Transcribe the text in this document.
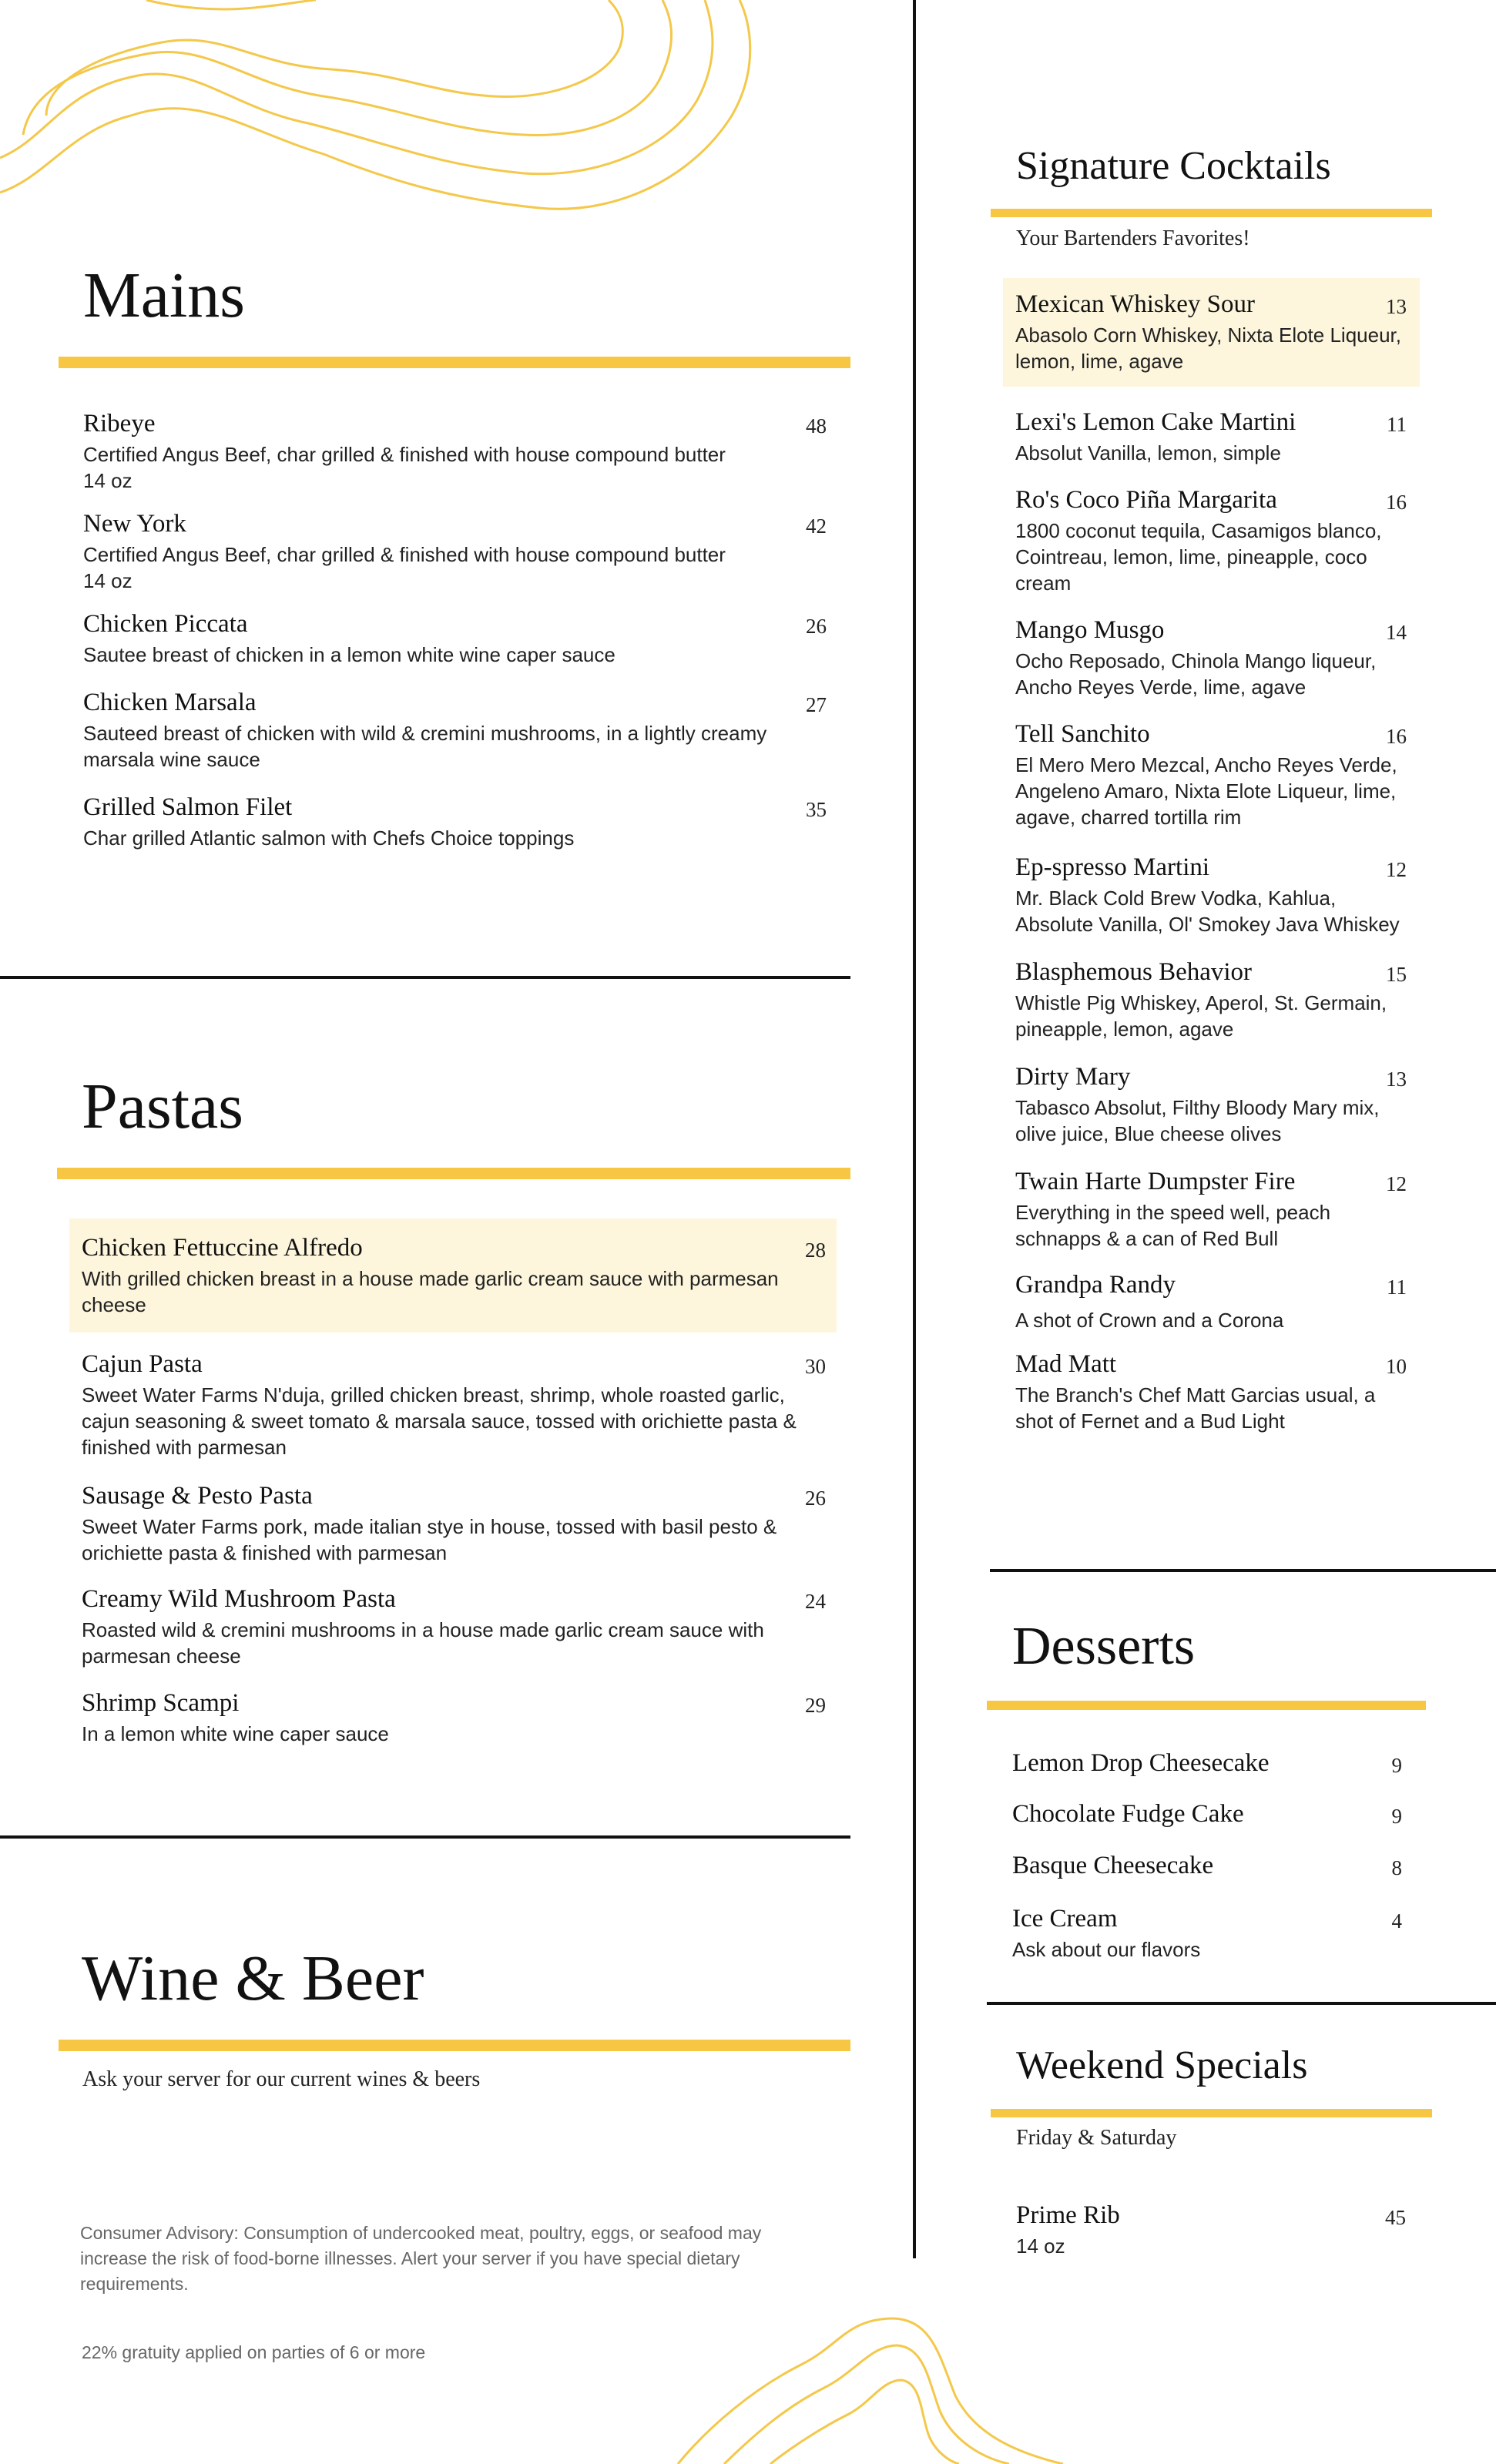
Mains
Ribeye	48
Certified Angus Beef, char grilled & finished with house compound butter
14 oz
New York	42
Certified Angus Beef, char grilled & finished with house compound butter
14 oz
Chicken Piccata	26
Sautee breast of chicken in a lemon white wine caper sauce
Chicken Marsala	27
Sauteed breast of chicken with wild & cremini mushrooms, in a lightly creamy marsala wine sauce
Grilled Salmon Filet	35
Char grilled Atlantic salmon with Chefs Choice toppings
Pastas
Chicken Fettuccine Alfredo	28
With grilled chicken breast in a house made garlic cream sauce with parmesan cheese
Cajun Pasta	30
Sweet Water Farms N'duja, grilled chicken breast, shrimp, whole roasted garlic, cajun seasoning & sweet tomato & marsala sauce, tossed with orichiette pasta & finished with parmesan
Sausage & Pesto Pasta	26
Sweet Water Farms pork, made italian stye in house, tossed with basil pesto & orichiette pasta & finished with parmesan
Creamy Wild Mushroom Pasta	24
Roasted wild & cremini mushrooms in a house made garlic cream sauce with parmesan cheese
Shrimp Scampi	29
In a lemon white wine caper sauce
Wine & Beer
Ask your server for our current wines & beers
Consumer Advisory: Consumption of undercooked meat, poultry, eggs, or seafood may increase the risk of food-borne illnesses. Alert your server if you have special dietary requirements.
22% gratuity applied on parties of 6 or more
Signature Cocktails
Your Bartenders Favorites!
Mexican Whiskey Sour	13
Abasolo Corn Whiskey, Nixta Elote Liqueur, lemon, lime, agave
Lexi's Lemon Cake Martini	11
Absolut Vanilla, lemon, simple
Ro's Coco Piña Margarita	16
1800 coconut tequila, Casamigos blanco, Cointreau, lemon, lime, pineapple, coco cream
Mango Musgo	14
Ocho Reposado, Chinola Mango liqueur, Ancho Reyes Verde, lime, agave
Tell Sanchito	16
El Mero Mero Mezcal, Ancho Reyes Verde, Angeleno Amaro, Nixta Elote Liqueur, lime, agave, charred tortilla rim
Ep-spresso Martini	12
Mr. Black Cold Brew Vodka, Kahlua, Absolute Vanilla, Ol' Smokey Java Whiskey
Blasphemous Behavior	15
Whistle Pig Whiskey, Aperol, St. Germain, pineapple, lemon, agave
Dirty Mary	13
Tabasco Absolut, Filthy Bloody Mary mix, olive juice, Blue cheese olives
Twain Harte Dumpster Fire	12
Everything in the speed well, peach schnapps & a can of Red Bull
Grandpa Randy	11
A shot of Crown and a Corona
Mad Matt	10
The Branch's Chef Matt Garcias usual, a shot of Fernet and a Bud Light
Desserts
Lemon Drop Cheesecake	9
Chocolate Fudge Cake	9
Basque Cheesecake	8
Ice Cream	4
Ask about our flavors
Weekend Specials
Friday & Saturday
Prime Rib	45
14 oz
